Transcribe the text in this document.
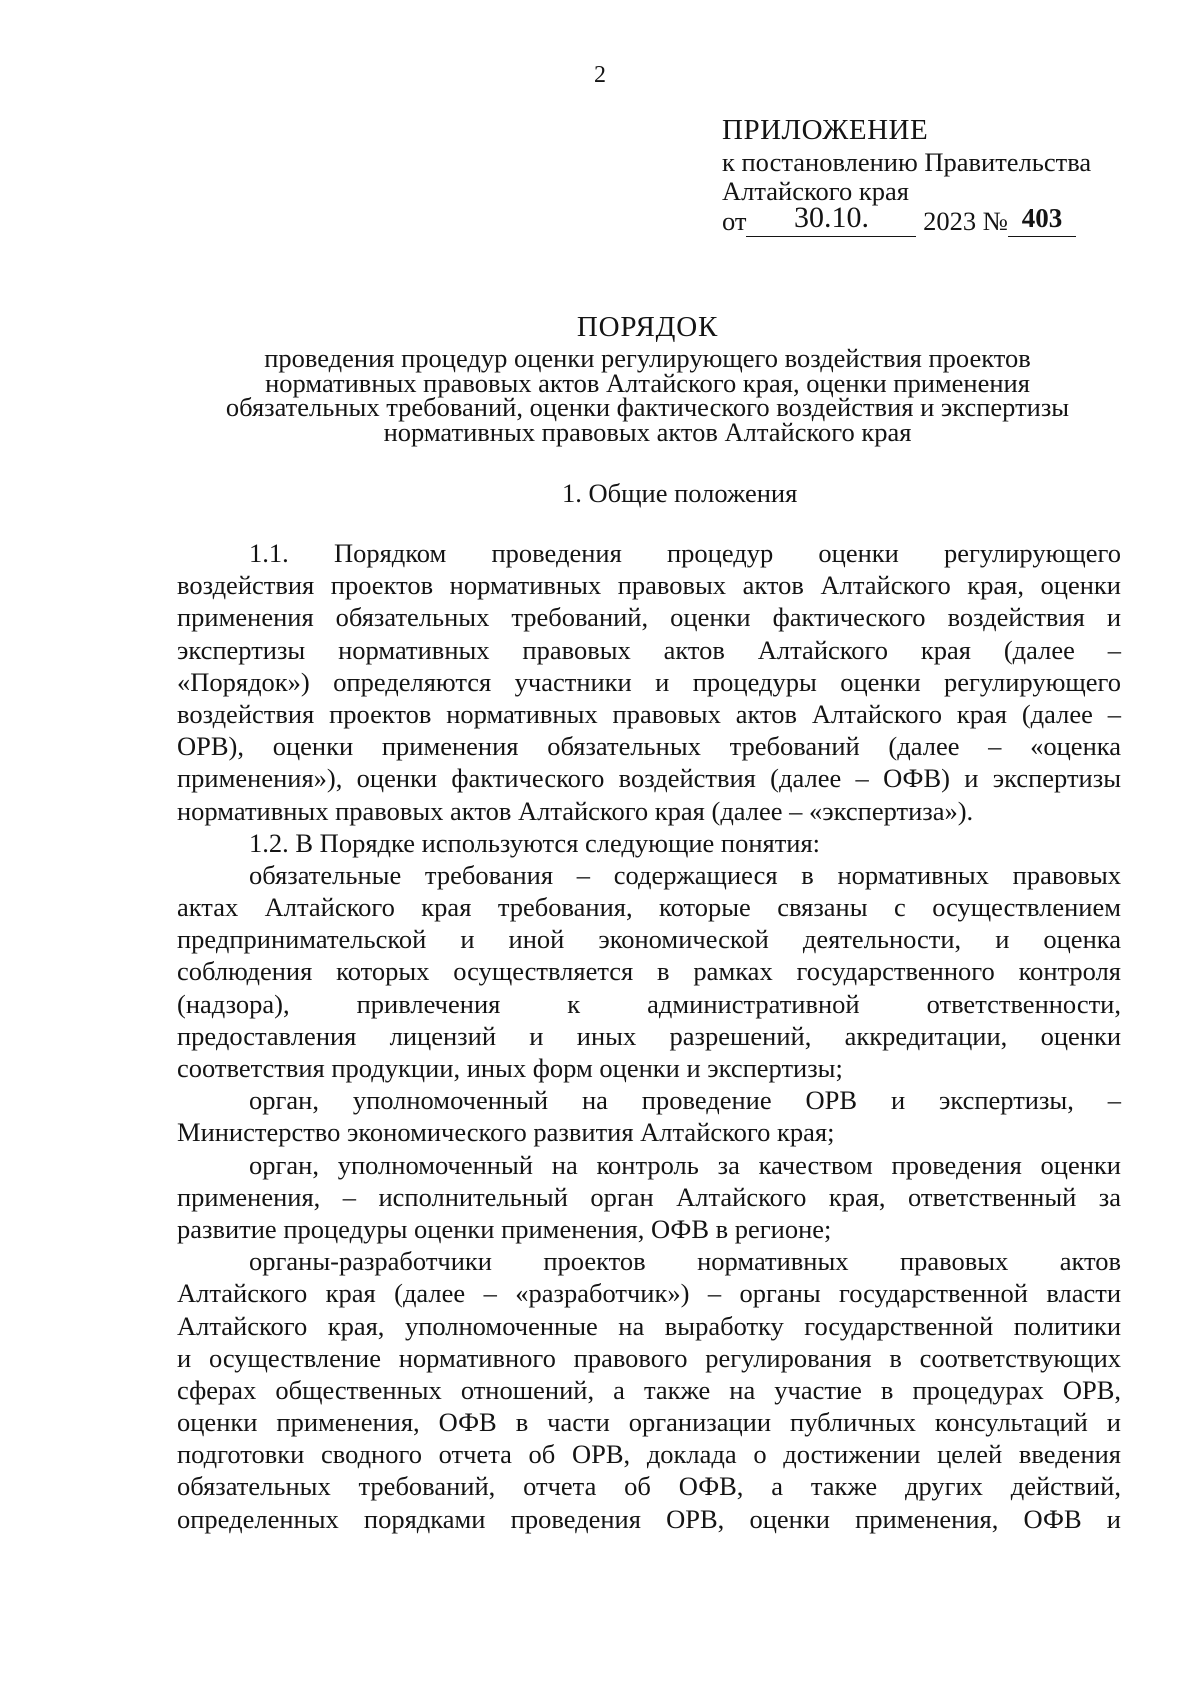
2
ПРИЛОЖЕНИЕ
к постановлению Правительства
Алтайского края
от 30.10. 2023 № 403
ПОРЯДОК
проведения процедур оценки регулирующего воздействия проектов
нормативных правовых актов Алтайского края, оценки применения
обязательных требований, оценки фактического воздействия и экспертизы
нормативных правовых актов Алтайского края
1. Общие положения
1.1. Порядком проведения процедур оценки регулирующего
воздействия проектов нормативных правовых актов Алтайского края, оценки
применения обязательных требований, оценки фактического воздействия и
экспертизы нормативных правовых актов Алтайского края (далее –
«Порядок») определяются участники и процедуры оценки регулирующего
воздействия проектов нормативных правовых актов Алтайского края (далее –
ОРВ), оценки применения обязательных требований (далее – «оценка
применения»), оценки фактического воздействия (далее – ОФВ) и экспертизы
нормативных правовых актов Алтайского края (далее – «экспертиза»).
1.2. В Порядке используются следующие понятия:
обязательные требования – содержащиеся в нормативных правовых
актах Алтайского края требования, которые связаны с осуществлением
предпринимательской и иной экономической деятельности, и оценка
соблюдения которых осуществляется в рамках государственного контроля
(надзора), привлечения к административной ответственности,
предоставления лицензий и иных разрешений, аккредитации, оценки
соответствия продукции, иных форм оценки и экспертизы;
орган, уполномоченный на проведение ОРВ и экспертизы, –
Министерство экономического развития Алтайского края;
орган, уполномоченный на контроль за качеством проведения оценки
применения, – исполнительный орган Алтайского края, ответственный за
развитие процедуры оценки применения, ОФВ в регионе;
органы-разработчики проектов нормативных правовых актов
Алтайского края (далее – «разработчик») – органы государственной власти
Алтайского края, уполномоченные на выработку государственной политики
и осуществление нормативного правового регулирования в соответствующих
сферах общественных отношений, а также на участие в процедурах ОРВ,
оценки применения, ОФВ в части организации публичных консультаций и
подготовки сводного отчета об ОРВ, доклада о достижении целей введения
обязательных требований, отчета об ОФВ, а также других действий,
определенных порядками проведения ОРВ, оценки применения, ОФВ и
